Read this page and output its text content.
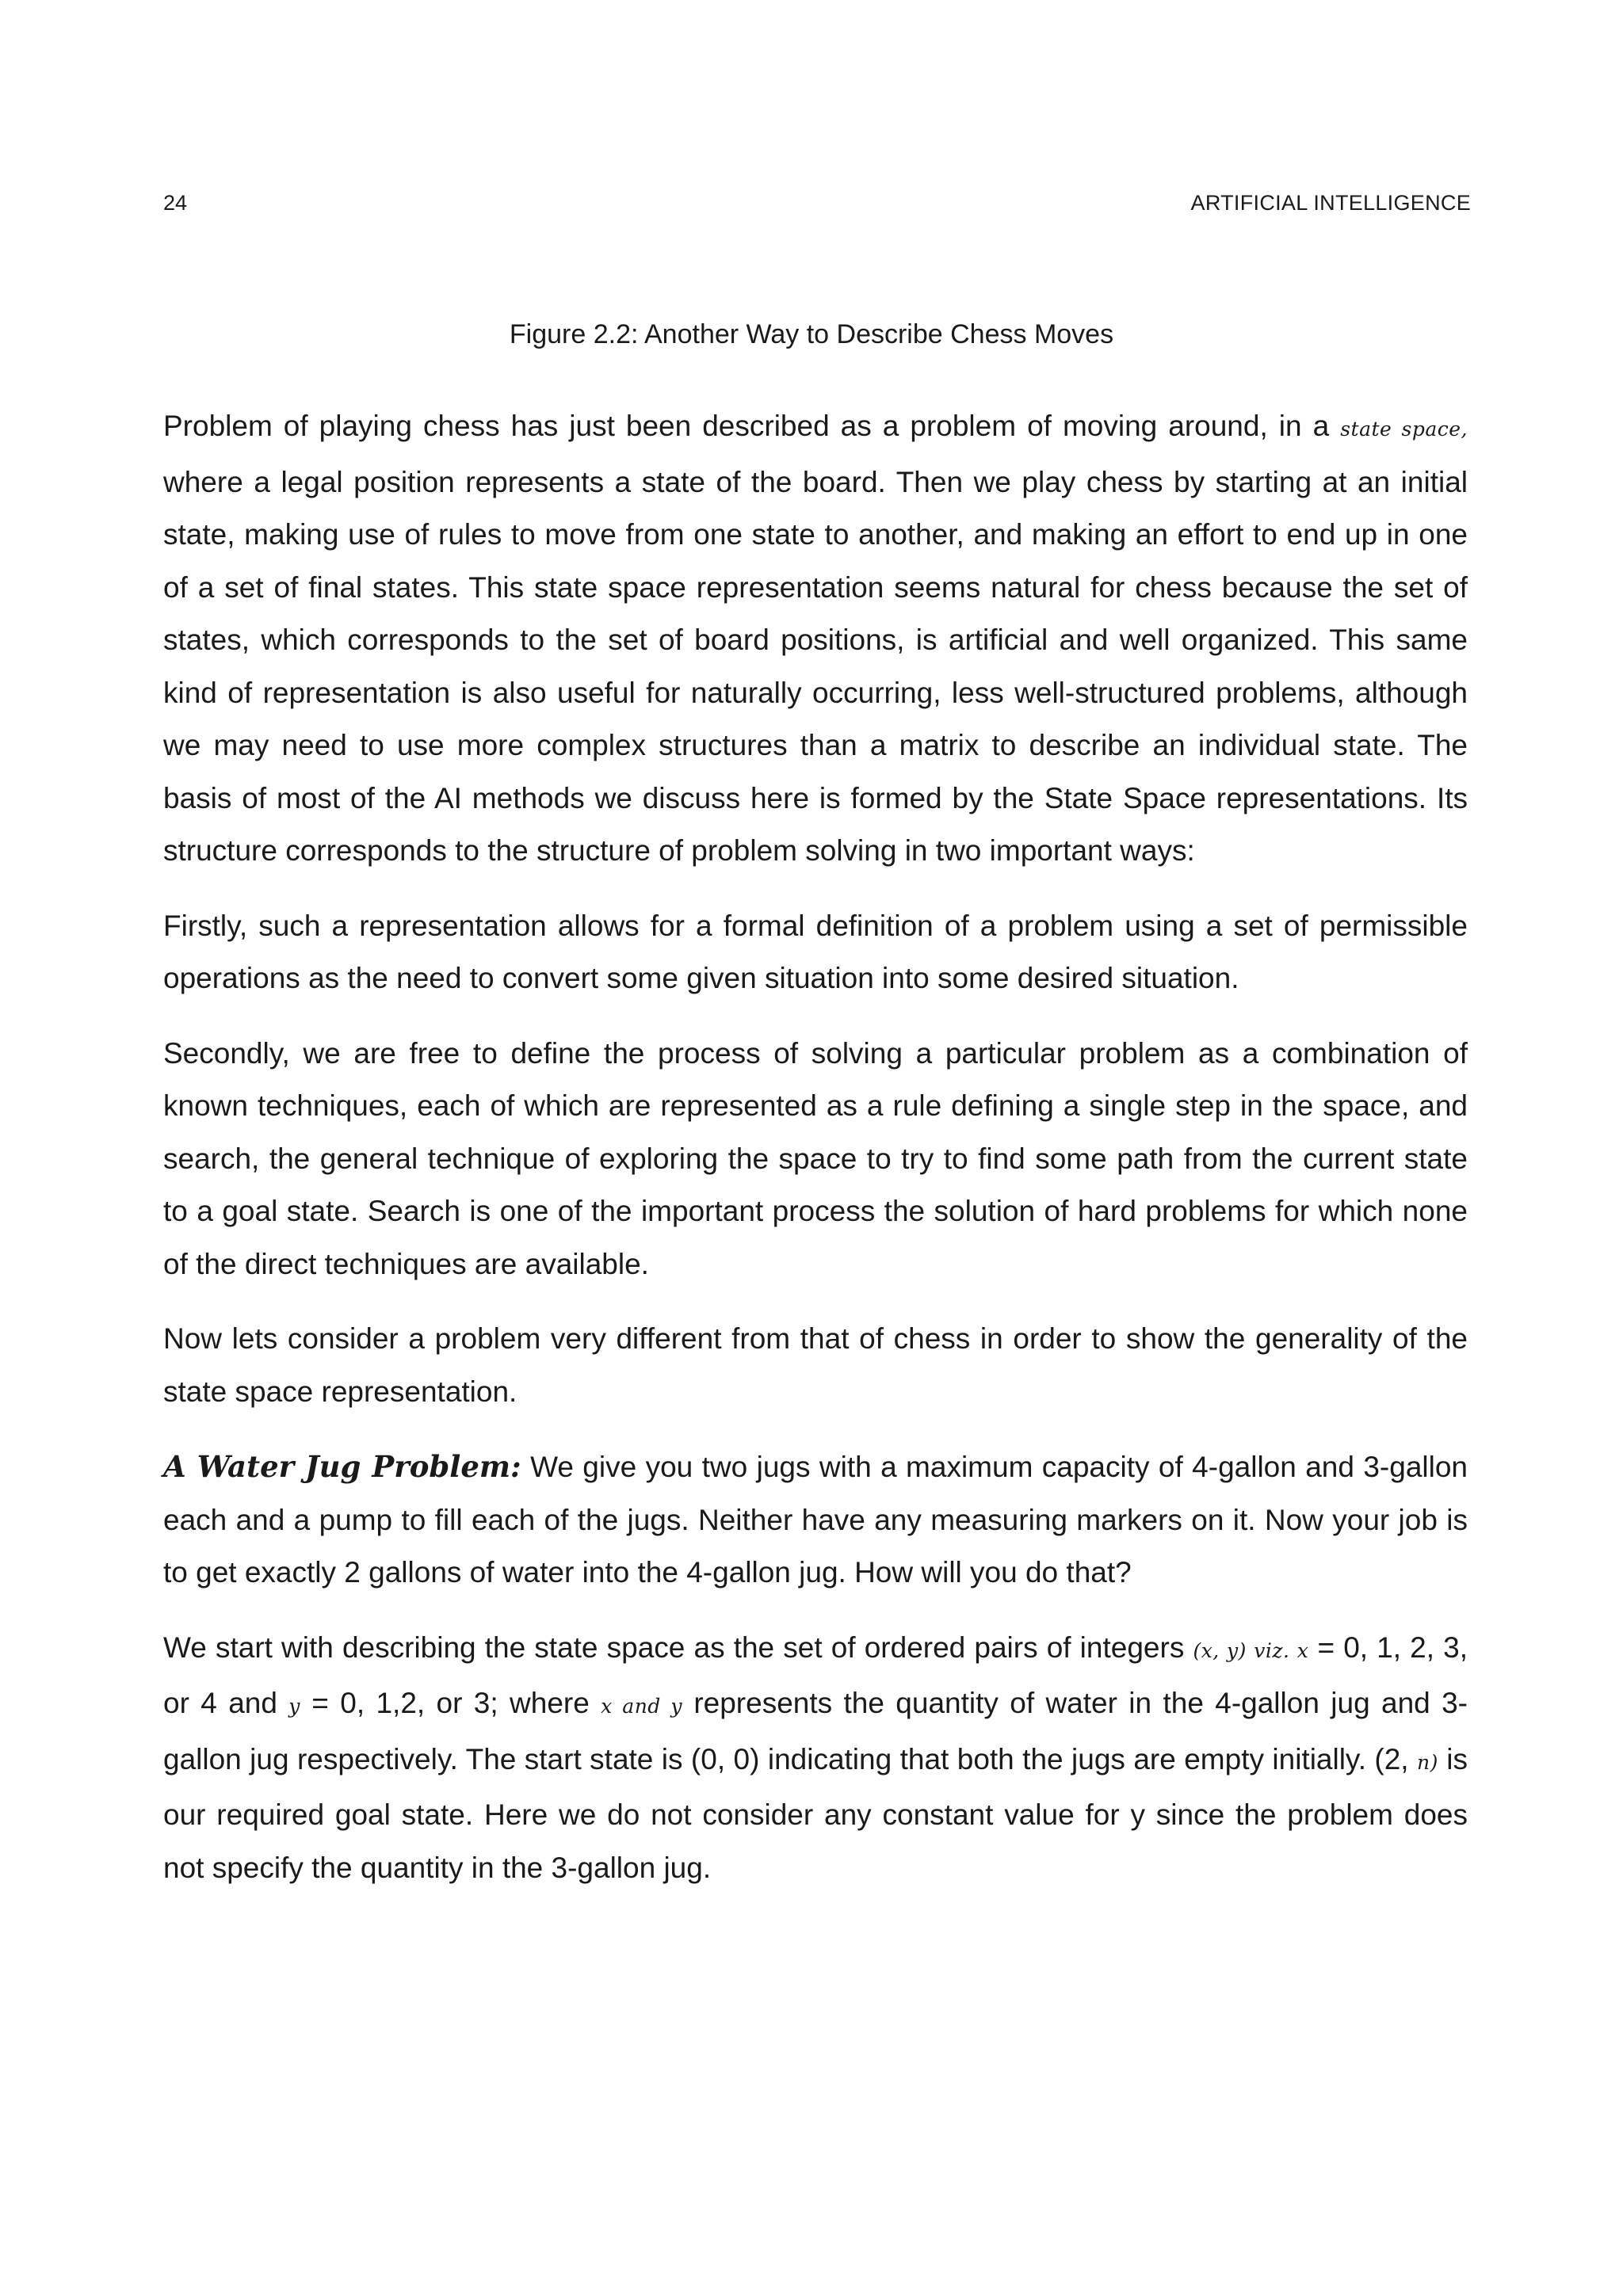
24	ARTIFICIAL INTELLIGENCE
Figure 2.2: Another Way to Describe Chess Moves

Problem of playing chess has just been described as a problem of moving around, in a state space, where a legal position represents a state of the board. Then we play chess by starting at an initial state, making use of rules to move from one state to another, and making an effort to end up in one of a set of final states. This state space representation seems natural for chess because the set of states, which corresponds to the set of board positions, is artificial and well organized. This same kind of representation is also useful for naturally occurring, less well-structured problems, although we may need to use more complex structures than a matrix to describe an individual state. The basis of most of the AI methods we discuss here is formed by the State Space representations. Its structure corresponds to the structure of problem solving in two important ways:

Firstly, such a representation allows for a formal definition of a problem using a set of permissible operations as the need to convert some given situation into some desired situation.

Secondly, we are free to define the process of solving a particular problem as a combination of known techniques, each of which are represented as a rule defining a single step in the space, and search, the general technique of exploring the space to try to find some path from the current state to a goal state. Search is one of the important process the solution of hard problems for which none of the direct techniques are available.

Now lets consider a problem very different from that of chess in order to show the generality of the state space representation.

A Water Jug Problem: We give you two jugs with a maximum capacity of 4-gallon and 3-gallon each and a pump to fill each of the jugs. Neither have any measuring markers on it. Now your job is to get exactly 2 gallons of water into the 4-gallon jug. How will you do that?

We start with describing the state space as the set of ordered pairs of integers (x, y) viz. x = 0, 1, 2, 3, or 4 and y = 0, 1,2, or 3; where x and y represents the quantity of water in the 4-gallon jug and 3-gallon jug respectively. The start state is (0, 0) indicating that both the jugs are empty initially. (2, n) is our required goal state. Here we do not consider any constant value for y since the problem does not specify the quantity in the 3-gallon jug.
